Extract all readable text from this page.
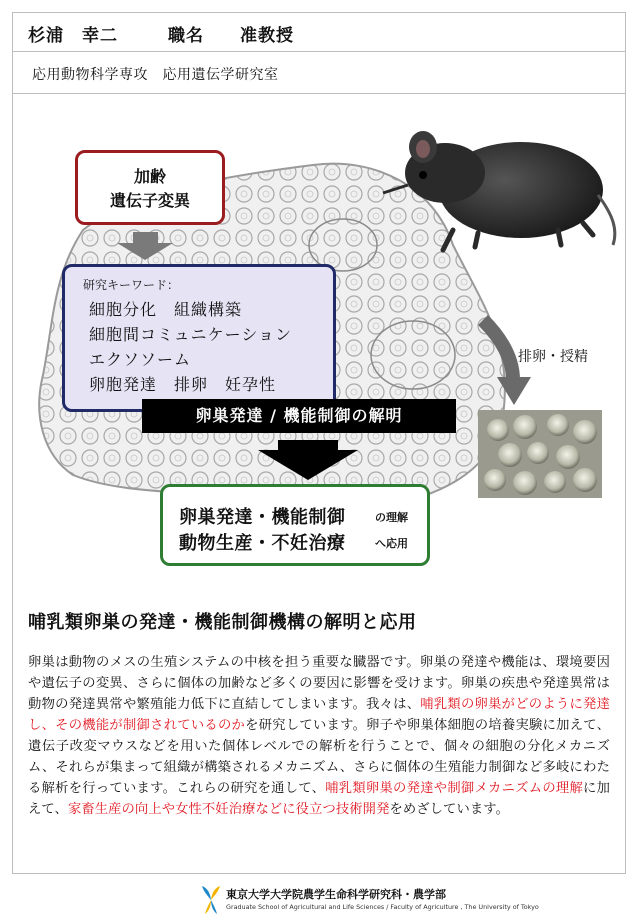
杉浦　幸二	職名 准教授
応用動物科学専攻　応用遺伝学研究室
加齢
遺伝子変異
研究キーワード：
細胞分化　組織構築
細胞間コミュニケーション
エクソソーム
卵胞発達　排卵　妊孕性
卵巣発達 / 機能制御の解明
卵巣発達・機能制御	の理解
動物生産・不妊治療	へ応用
排卵・授精
哺乳類卵巣の発達・機能制御機構の解明と応用
卵巣は動物のメスの生殖システムの中核を担う重要な臓器です。卵巣の発達や機能は、環境要因や遺伝子の変異、さらに個体の加齢など多くの要因に影響を受けます。卵巣の疾患や発達異常は動物の発達異常や繁殖能力低下に直結してしまいます。我々は、哺乳類の卵巣がどのように発達し、その機能が制御されているのかを研究しています。卵子や卵巣体細胞の培養実験に加えて、遺伝子改変マウスなどを用いた個体レベルでの解析を行うことで、個々の細胞の分化メカニズム、それらが集まって組織が構築されるメカニズム、さらに個体の生殖能力制御など多岐にわたる解析を行っています。これらの研究を通して、哺乳類卵巣の発達や制御メカニズムの理解に加えて、家畜生産の向上や女性不妊治療などに役立つ技術開発をめざしています。
東京大学大学院農学生命科学研究科・農学部
Graduate School of Agricultural and Life Sciences / Faculty of Agriculture , The University of Tokyo
